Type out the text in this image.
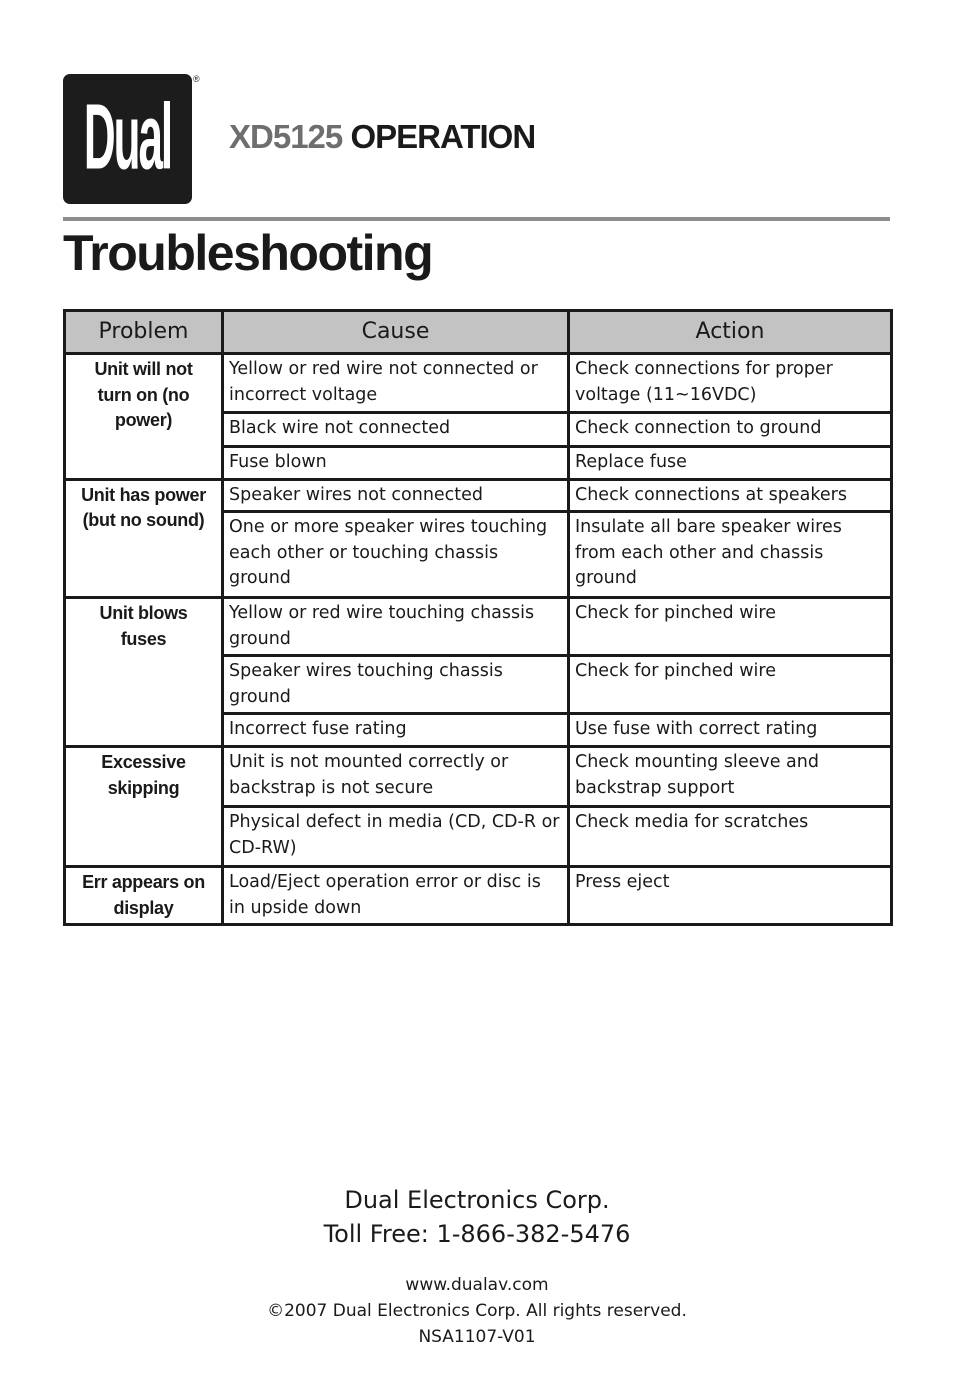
Dual
®
XD5125 OPERATION
Troubleshooting
Problem	Cause	Action
Unit will not turn on (no power)	Yellow or red wire not connected or incorrect voltage	Check connections for proper voltage (11~16VDC)
	Black wire not connected	Check connection to ground
	Fuse blown	Replace fuse
Unit has power (but no sound)	Speaker wires not connected	Check connections at speakers
	One or more speaker wires touching each other or touching chassis ground	Insulate all bare speaker wires from each other and chassis ground
Unit blows fuses	Yellow or red wire touching chassis ground	Check for pinched wire
	Speaker wires touching chassis ground	Check for pinched wire
	Incorrect fuse rating	Use fuse with correct rating
Excessive skipping	Unit is not mounted correctly or backstrap is not secure	Check mounting sleeve and backstrap support
	Physical defect in media (CD, CD-R or CD-RW)	Check media for scratches
Err appears on display	Load/Eject operation error or disc is in upside down	Press eject
Dual Electronics Corp.
Toll Free: 1-866-382-5476
www.dualav.com
©2007 Dual Electronics Corp. All rights reserved.
NSA1107-V01
